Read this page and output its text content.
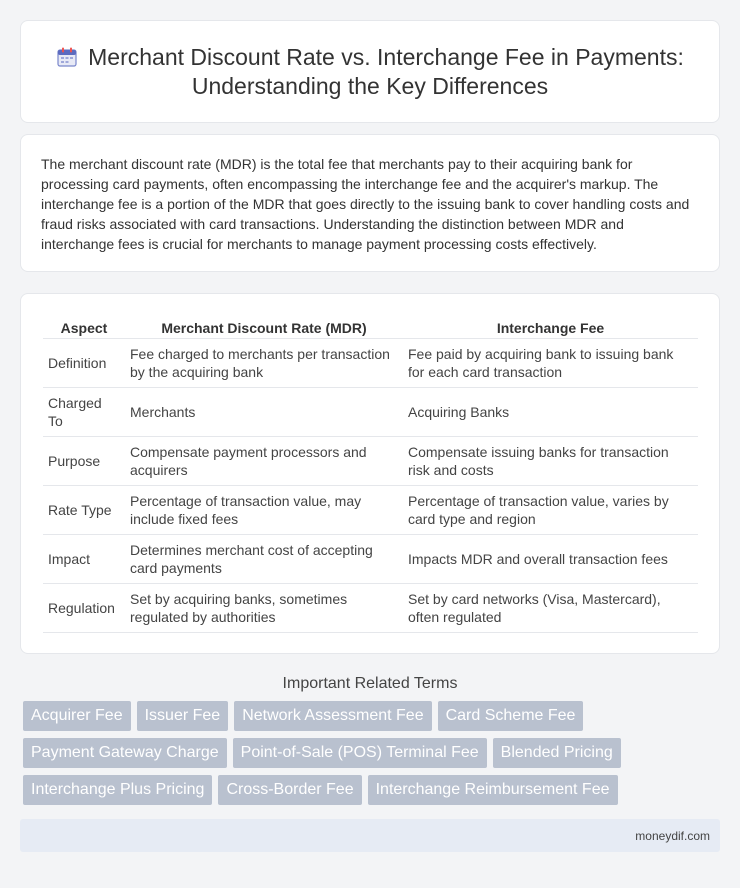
Merchant Discount Rate vs. Interchange Fee in Payments: Understanding the Key Differences

The merchant discount rate (MDR) is the total fee that merchants pay to their acquiring bank for processing card payments, often encompassing the interchange fee and the acquirer's markup. The interchange fee is a portion of the MDR that goes directly to the issuing bank to cover handling costs and fraud risks associated with card transactions. Understanding the distinction between MDR and interchange fees is crucial for merchants to manage payment processing costs effectively.

Aspect	Merchant Discount Rate (MDR)	Interchange Fee
Definition	Fee charged to merchants per transaction by the acquiring bank	Fee paid by acquiring bank to issuing bank for each card transaction
Charged To	Merchants	Acquiring Banks
Purpose	Compensate payment processors and acquirers	Compensate issuing banks for transaction risk and costs
Rate Type	Percentage of transaction value, may include fixed fees	Percentage of transaction value, varies by card type and region
Impact	Determines merchant cost of accepting card payments	Impacts MDR and overall transaction fees
Regulation	Set by acquiring banks, sometimes regulated by authorities	Set by card networks (Visa, Mastercard), often regulated
Important Related Terms
Acquirer Fee	Issuer Fee	Network Assessment Fee	Card Scheme Fee
Payment Gateway Charge	Point-of-Sale (POS) Terminal Fee	Blended Pricing
Interchange Plus Pricing	Cross-Border Fee	Interchange Reimbursement Fee
moneydif.com
